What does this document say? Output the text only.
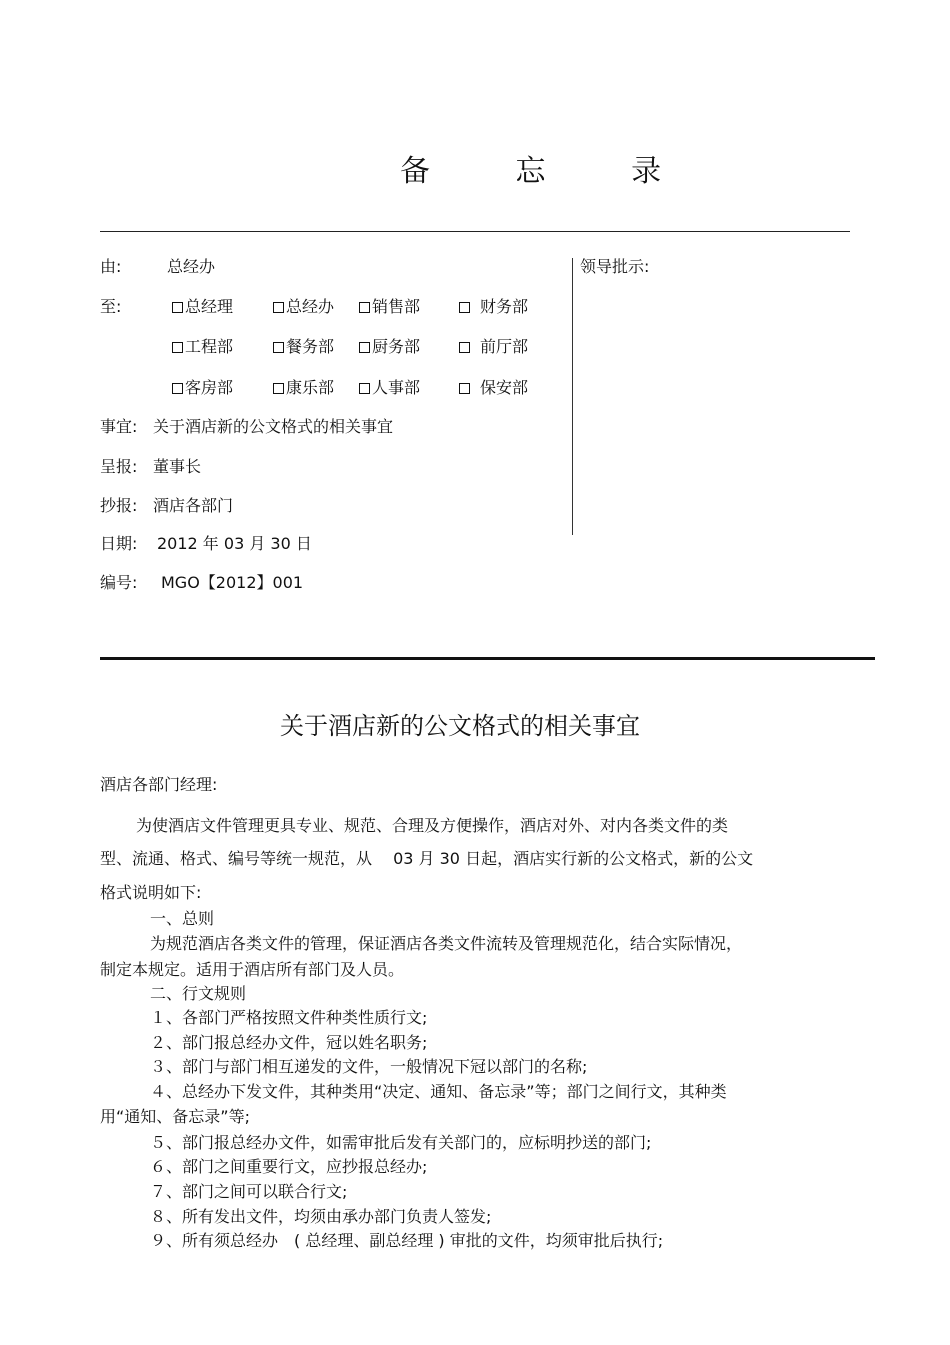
备 忘 录
由:	总经办	领导批示:
至:	总经理	总经办	销售部	财务部
工程部	餐务部	厨务部	前厅部
客房部	康乐部	人事部	保安部
事宜: 关于酒店新的公文格式的相关事宜
呈报: 董事长
抄报: 酒店各部门
日期: 2012 年 03 月 30 日
编号: MGO【2012】001
关于酒店新的公文格式的相关事宜
酒店各部门经理:
为使酒店文件管理更具专业、规范、合理及方便操作，酒店对外、对内各类文件的类
型、流通、格式、编号等统一规范，从　 03 月 30 日起，酒店实行新的公文格式，新的公文
格式说明如下:
一、总则
为规范酒店各类文件的管理，保证酒店各类文件流转及管理规范化，结合实际情况，
制定本规定。适用于酒店所有部门及人员。
二、行文规则
１、各部门严格按照文件种类性质行文;
２、部门报总经办文件，冠以姓名职务;
３、部门与部门相互递发的文件，一般情况下冠以部门的名称;
４、总经办下发文件，其种类用“决定、通知、备忘录”等；部门之间行文，其种类
用“通知、备忘录”等;
５、部门报总经办文件，如需审批后发有关部门的，应标明抄送的部门;
６、部门之间重要行文，应抄报总经办;
７、部门之间可以联合行文;
８、所有发出文件，均须由承办部门负责人签发;
９、所有须总经办　( 总经理、副总经理 ) 审批的文件，均须审批后执行;
